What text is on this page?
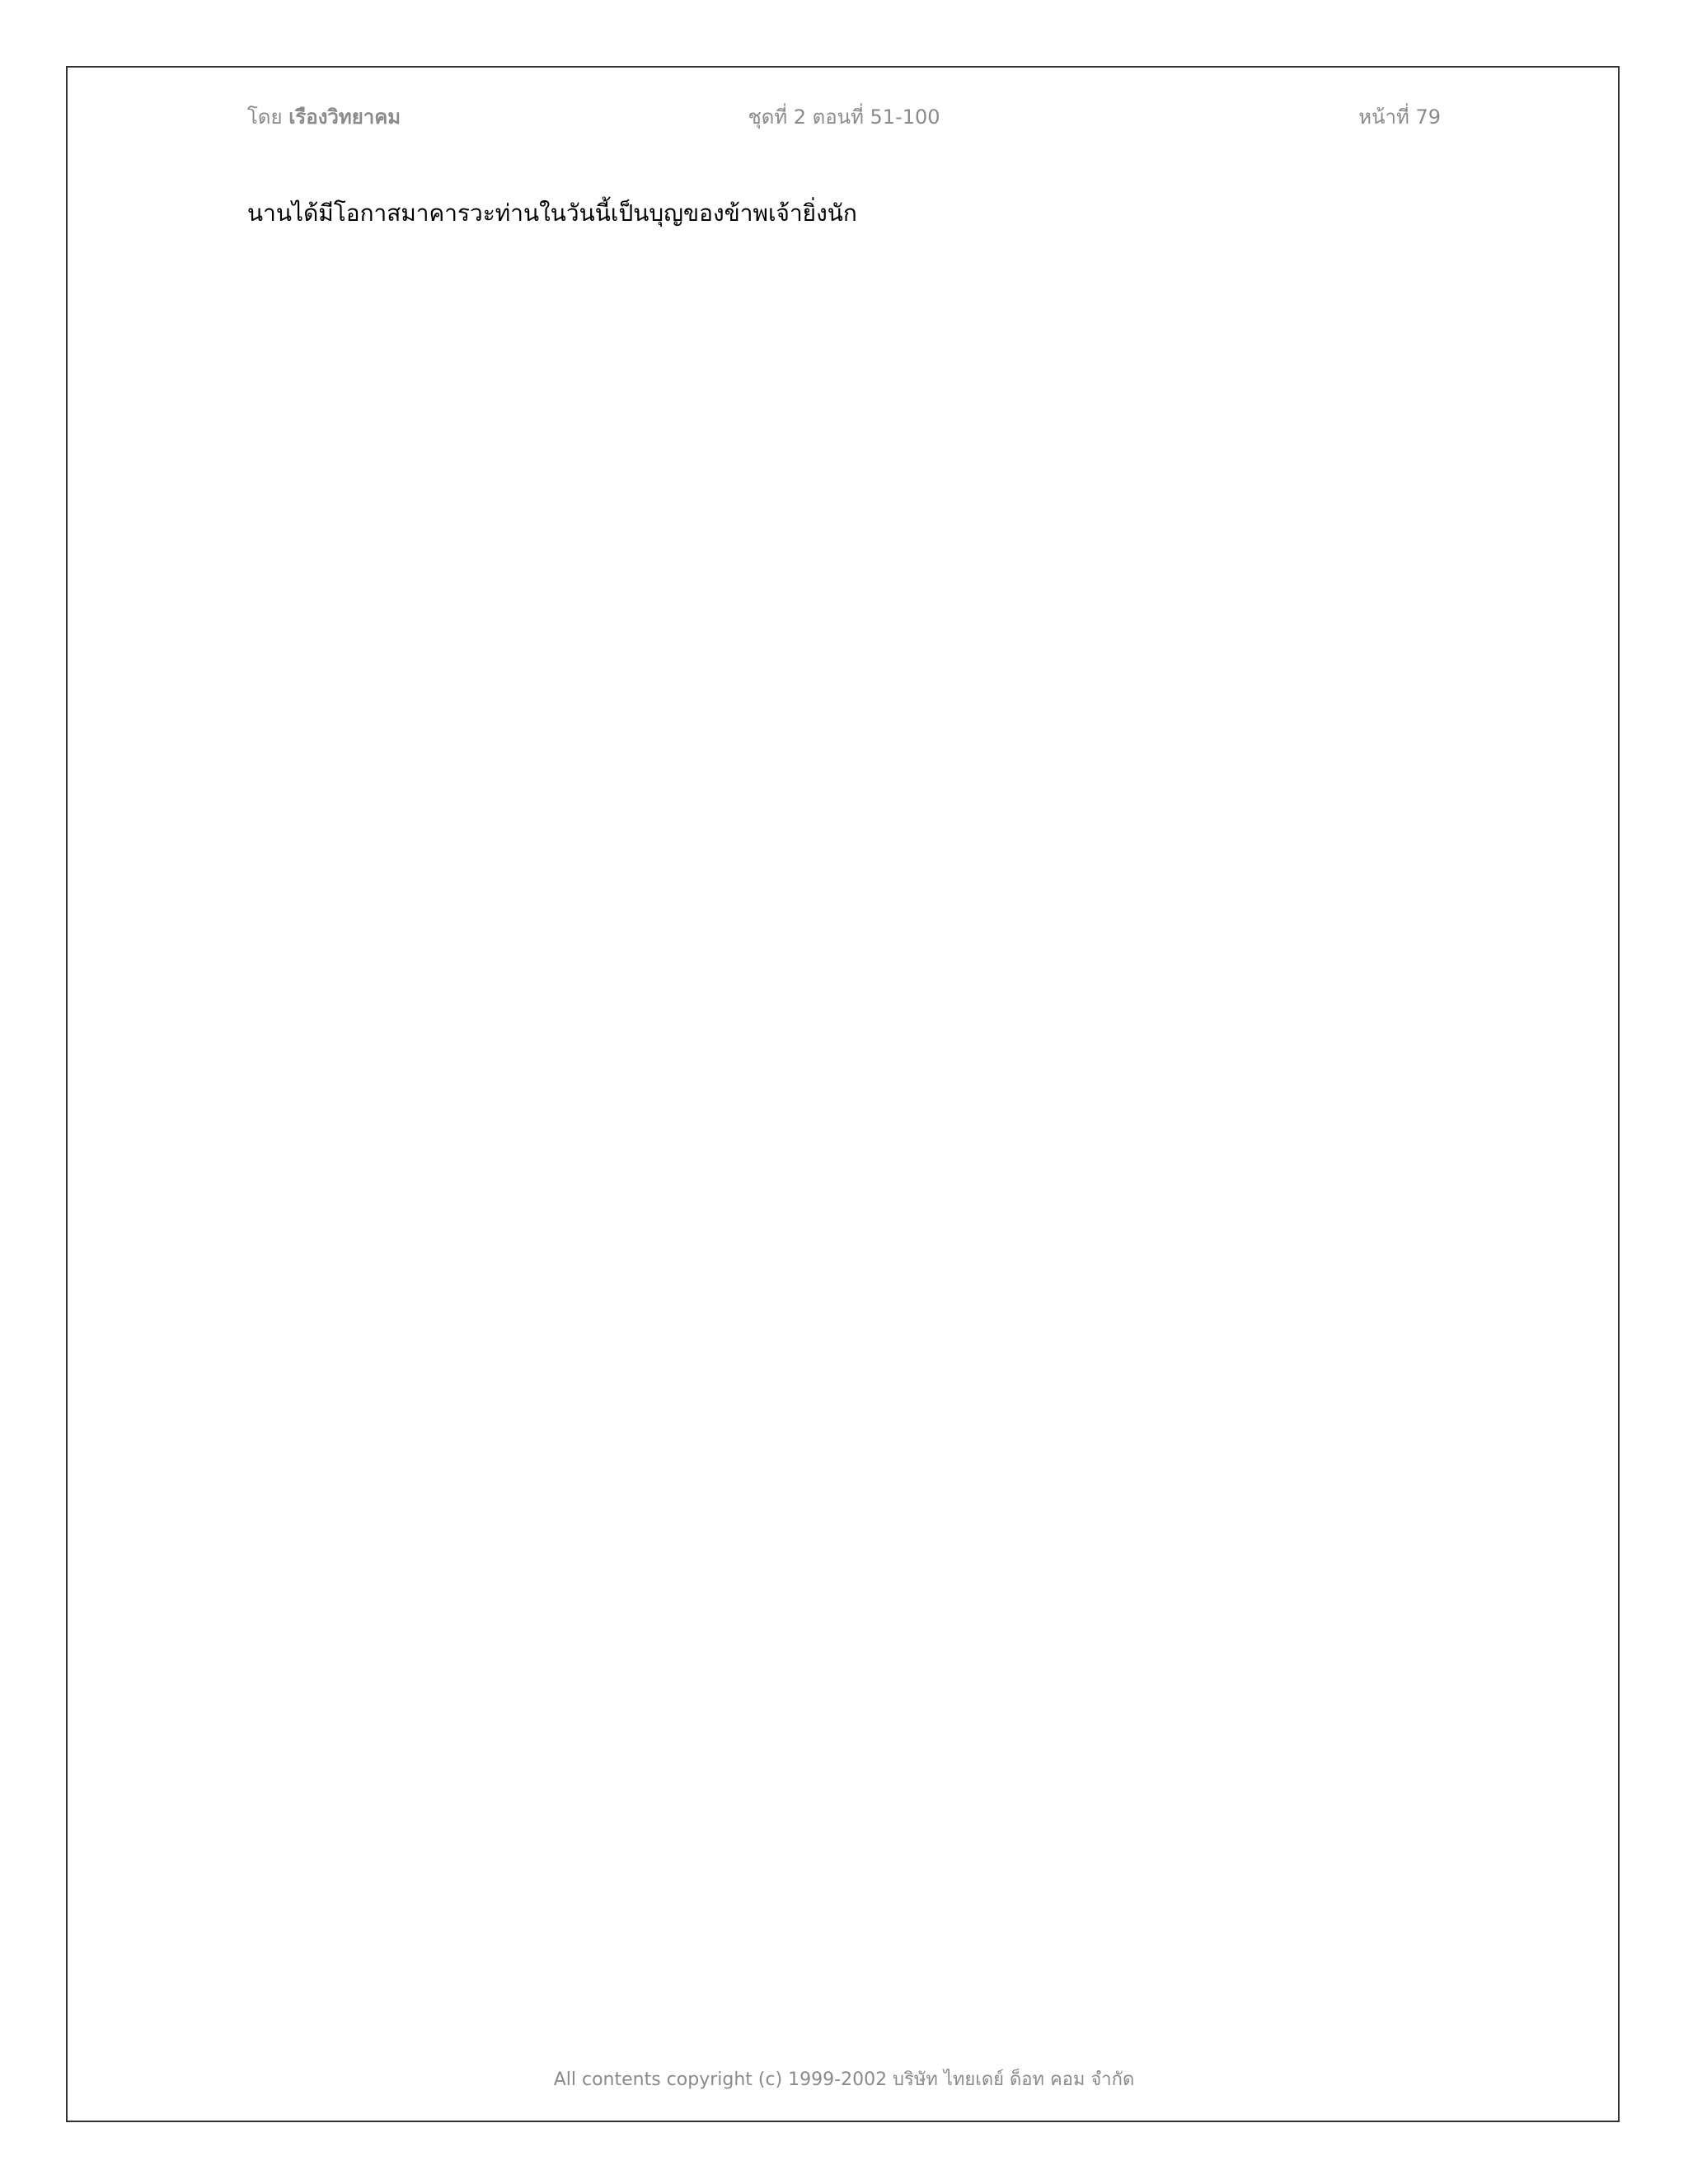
โดย เรืองวิทยาคม	ชุดที่ 2 ตอนที่ 51-100	หน้าที่ 79

นานได้มีโอกาสมาคารวะท่านในวันนี้เป็นบุญของข้าพเจ้ายิ่งนัก

All contents copyright (c) 1999-2002 บริษัท ไทยเดย์ ด็อท คอม จำกัด
